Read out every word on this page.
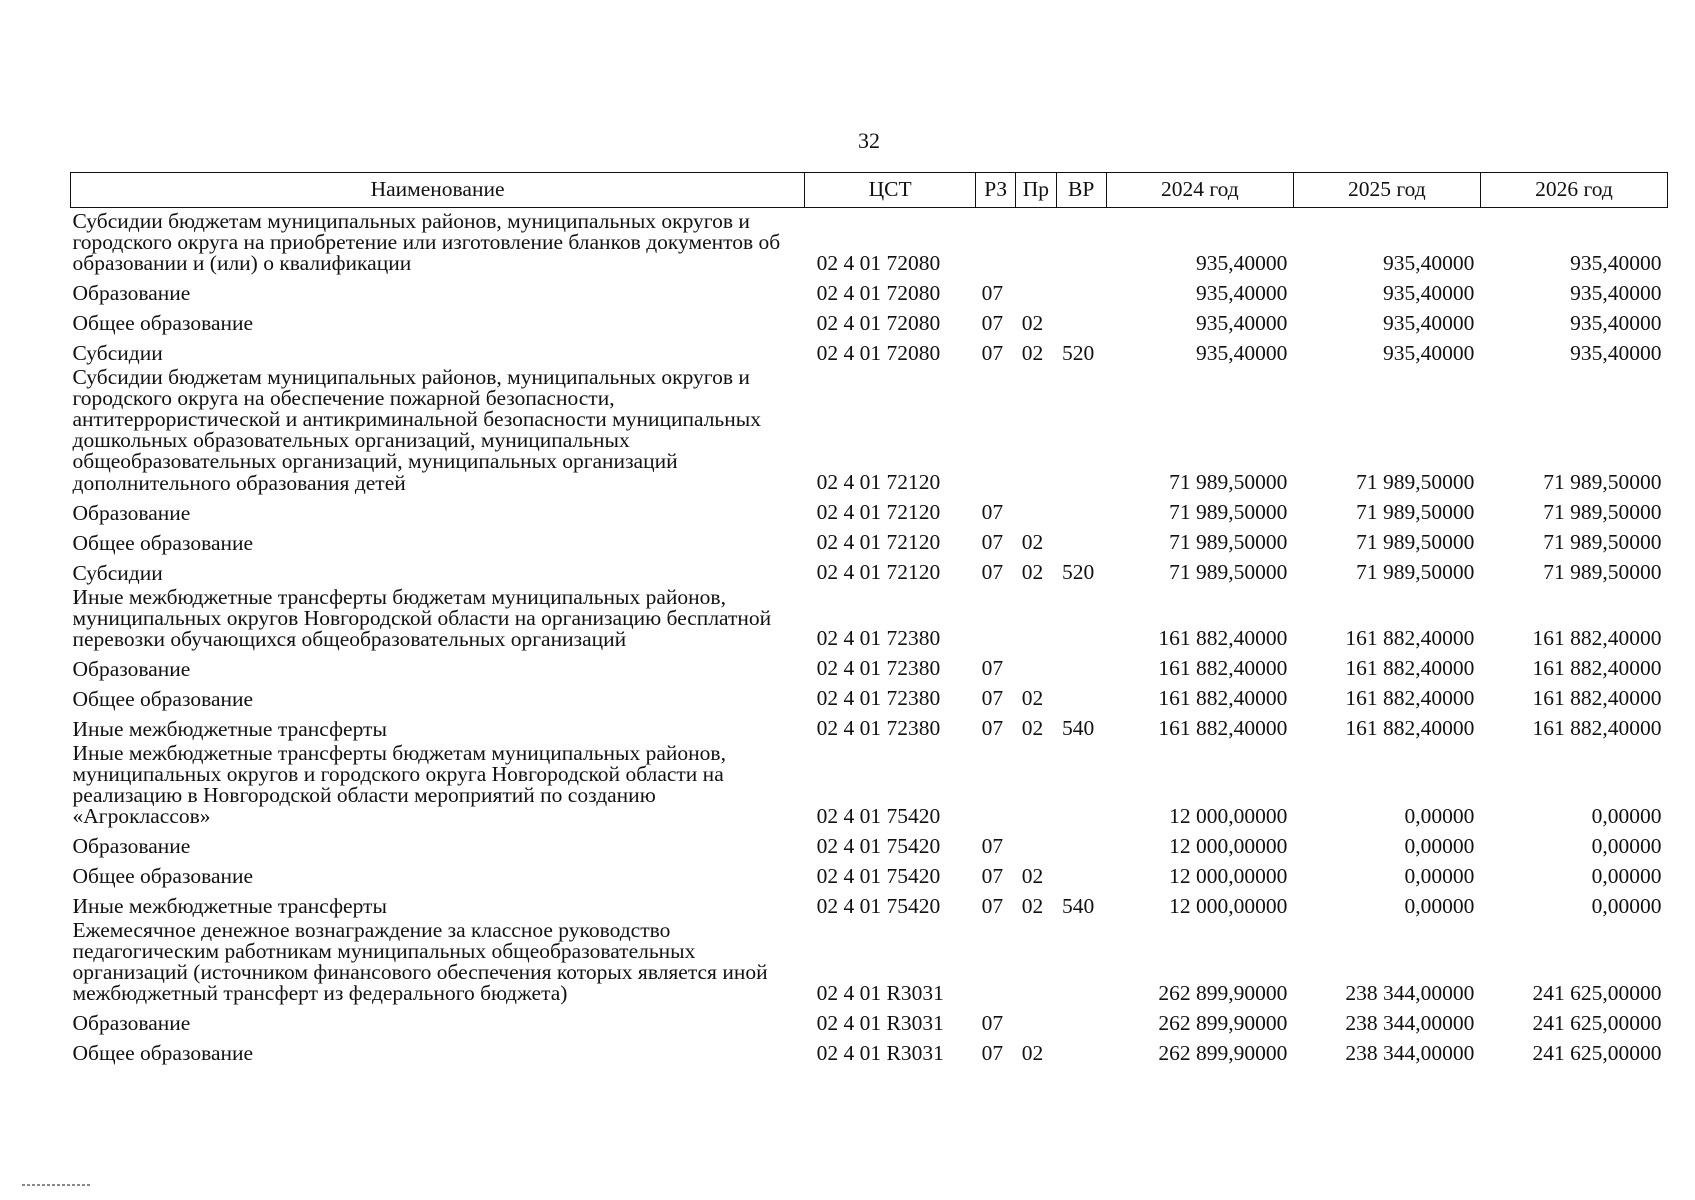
32
Наименование	ЦСТ	РЗ	Пр	ВР	2024 год	2025 год	2026 год
Субсидии бюджетам муниципальных районов, муниципальных округов и городского округа на приобретение или изготовление бланков документов об образовании и (или) о квалификации	02 4 01 72080				935,40000	935,40000	935,40000
Образование	02 4 01 72080	07			935,40000	935,40000	935,40000
Общее образование	02 4 01 72080	07	02		935,40000	935,40000	935,40000
Субсидии	02 4 01 72080	07	02	520	935,40000	935,40000	935,40000
Субсидии бюджетам муниципальных районов, муниципальных округов и городского округа на обеспечение пожарной безопасности, антитеррористической и антикриминальной безопасности муниципальных дошкольных образовательных организаций, муниципальных общеобразовательных организаций, муниципальных организаций дополнительного образования детей	02 4 01 72120				71 989,50000	71 989,50000	71 989,50000
Образование	02 4 01 72120	07			71 989,50000	71 989,50000	71 989,50000
Общее образование	02 4 01 72120	07	02		71 989,50000	71 989,50000	71 989,50000
Субсидии	02 4 01 72120	07	02	520	71 989,50000	71 989,50000	71 989,50000
Иные межбюджетные трансферты бюджетам муниципальных районов, муниципальных округов Новгородской области на организацию бесплатной перевозки обучающихся общеобразовательных организаций	02 4 01 72380				161 882,40000	161 882,40000	161 882,40000
Образование	02 4 01 72380	07			161 882,40000	161 882,40000	161 882,40000
Общее образование	02 4 01 72380	07	02		161 882,40000	161 882,40000	161 882,40000
Иные межбюджетные трансферты	02 4 01 72380	07	02	540	161 882,40000	161 882,40000	161 882,40000
Иные межбюджетные трансферты бюджетам муниципальных районов, муниципальных округов и городского округа Новгородской области на реализацию в Новгородской области мероприятий по созданию «Агроклассов»	02 4 01 75420				12 000,00000	0,00000	0,00000
Образование	02 4 01 75420	07			12 000,00000	0,00000	0,00000
Общее образование	02 4 01 75420	07	02		12 000,00000	0,00000	0,00000
Иные межбюджетные трансферты	02 4 01 75420	07	02	540	12 000,00000	0,00000	0,00000
Ежемесячное денежное вознаграждение за классное руководство педагогическим работникам муниципальных общеобразовательных организаций (источником финансового обеспечения которых является иной межбюджетный трансферт из федерального бюджета)	02 4 01 R3031				262 899,90000	238 344,00000	241 625,00000
Образование	02 4 01 R3031	07			262 899,90000	238 344,00000	241 625,00000
Общее образование	02 4 01 R3031	07	02		262 899,90000	238 344,00000	241 625,00000
